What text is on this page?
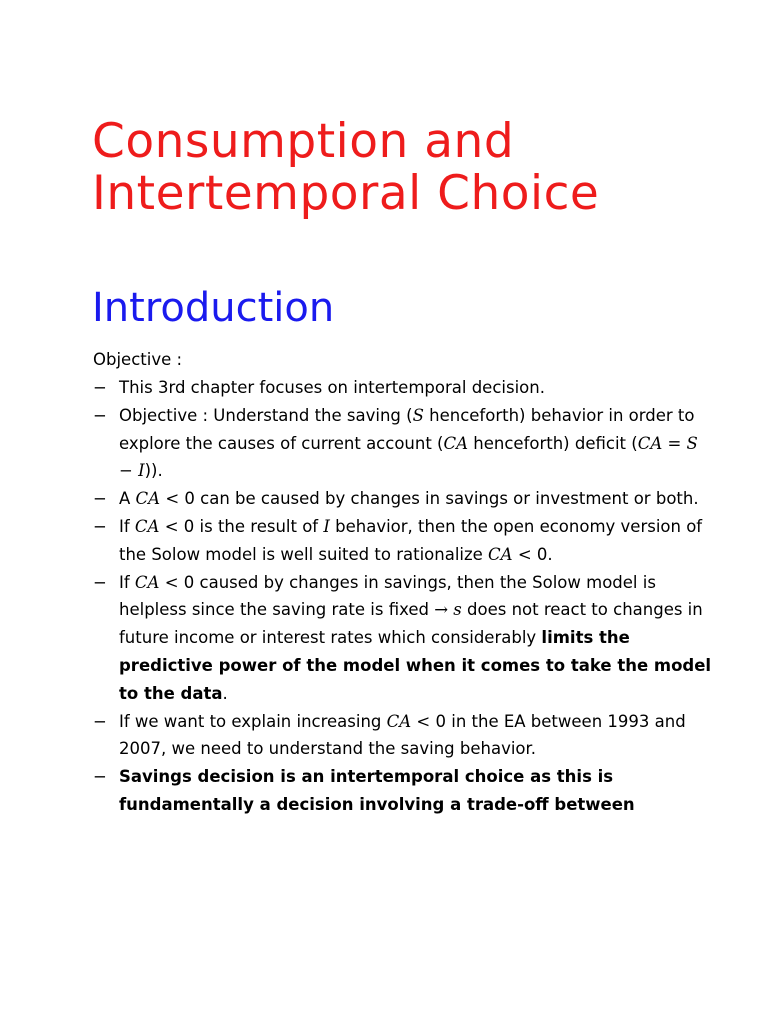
Consumption and
Intertemporal Choice
Introduction
Objective :
− This 3rd chapter focuses on intertemporal decision.
− Objective : Understand the saving (S henceforth) behavior in order to explore the causes of current account (CA henceforth) deficit (CA = S − I)).
− A CA < 0 can be caused by changes in savings or investment or both.
− If CA < 0 is the result of I behavior, then the open economy version of the Solow model is well suited to rationalize CA < 0.
− If CA < 0 caused by changes in savings, then the Solow model is helpless since the saving rate is fixed → s does not react to changes in future income or interest rates which considerably limits the predictive power of the model when it comes to take the model to the data.
− If we want to explain increasing CA < 0 in the EA between 1993 and 2007, we need to understand the saving behavior.
− Savings decision is an intertemporal choice as this is fundamentally a decision involving a trade-off between
